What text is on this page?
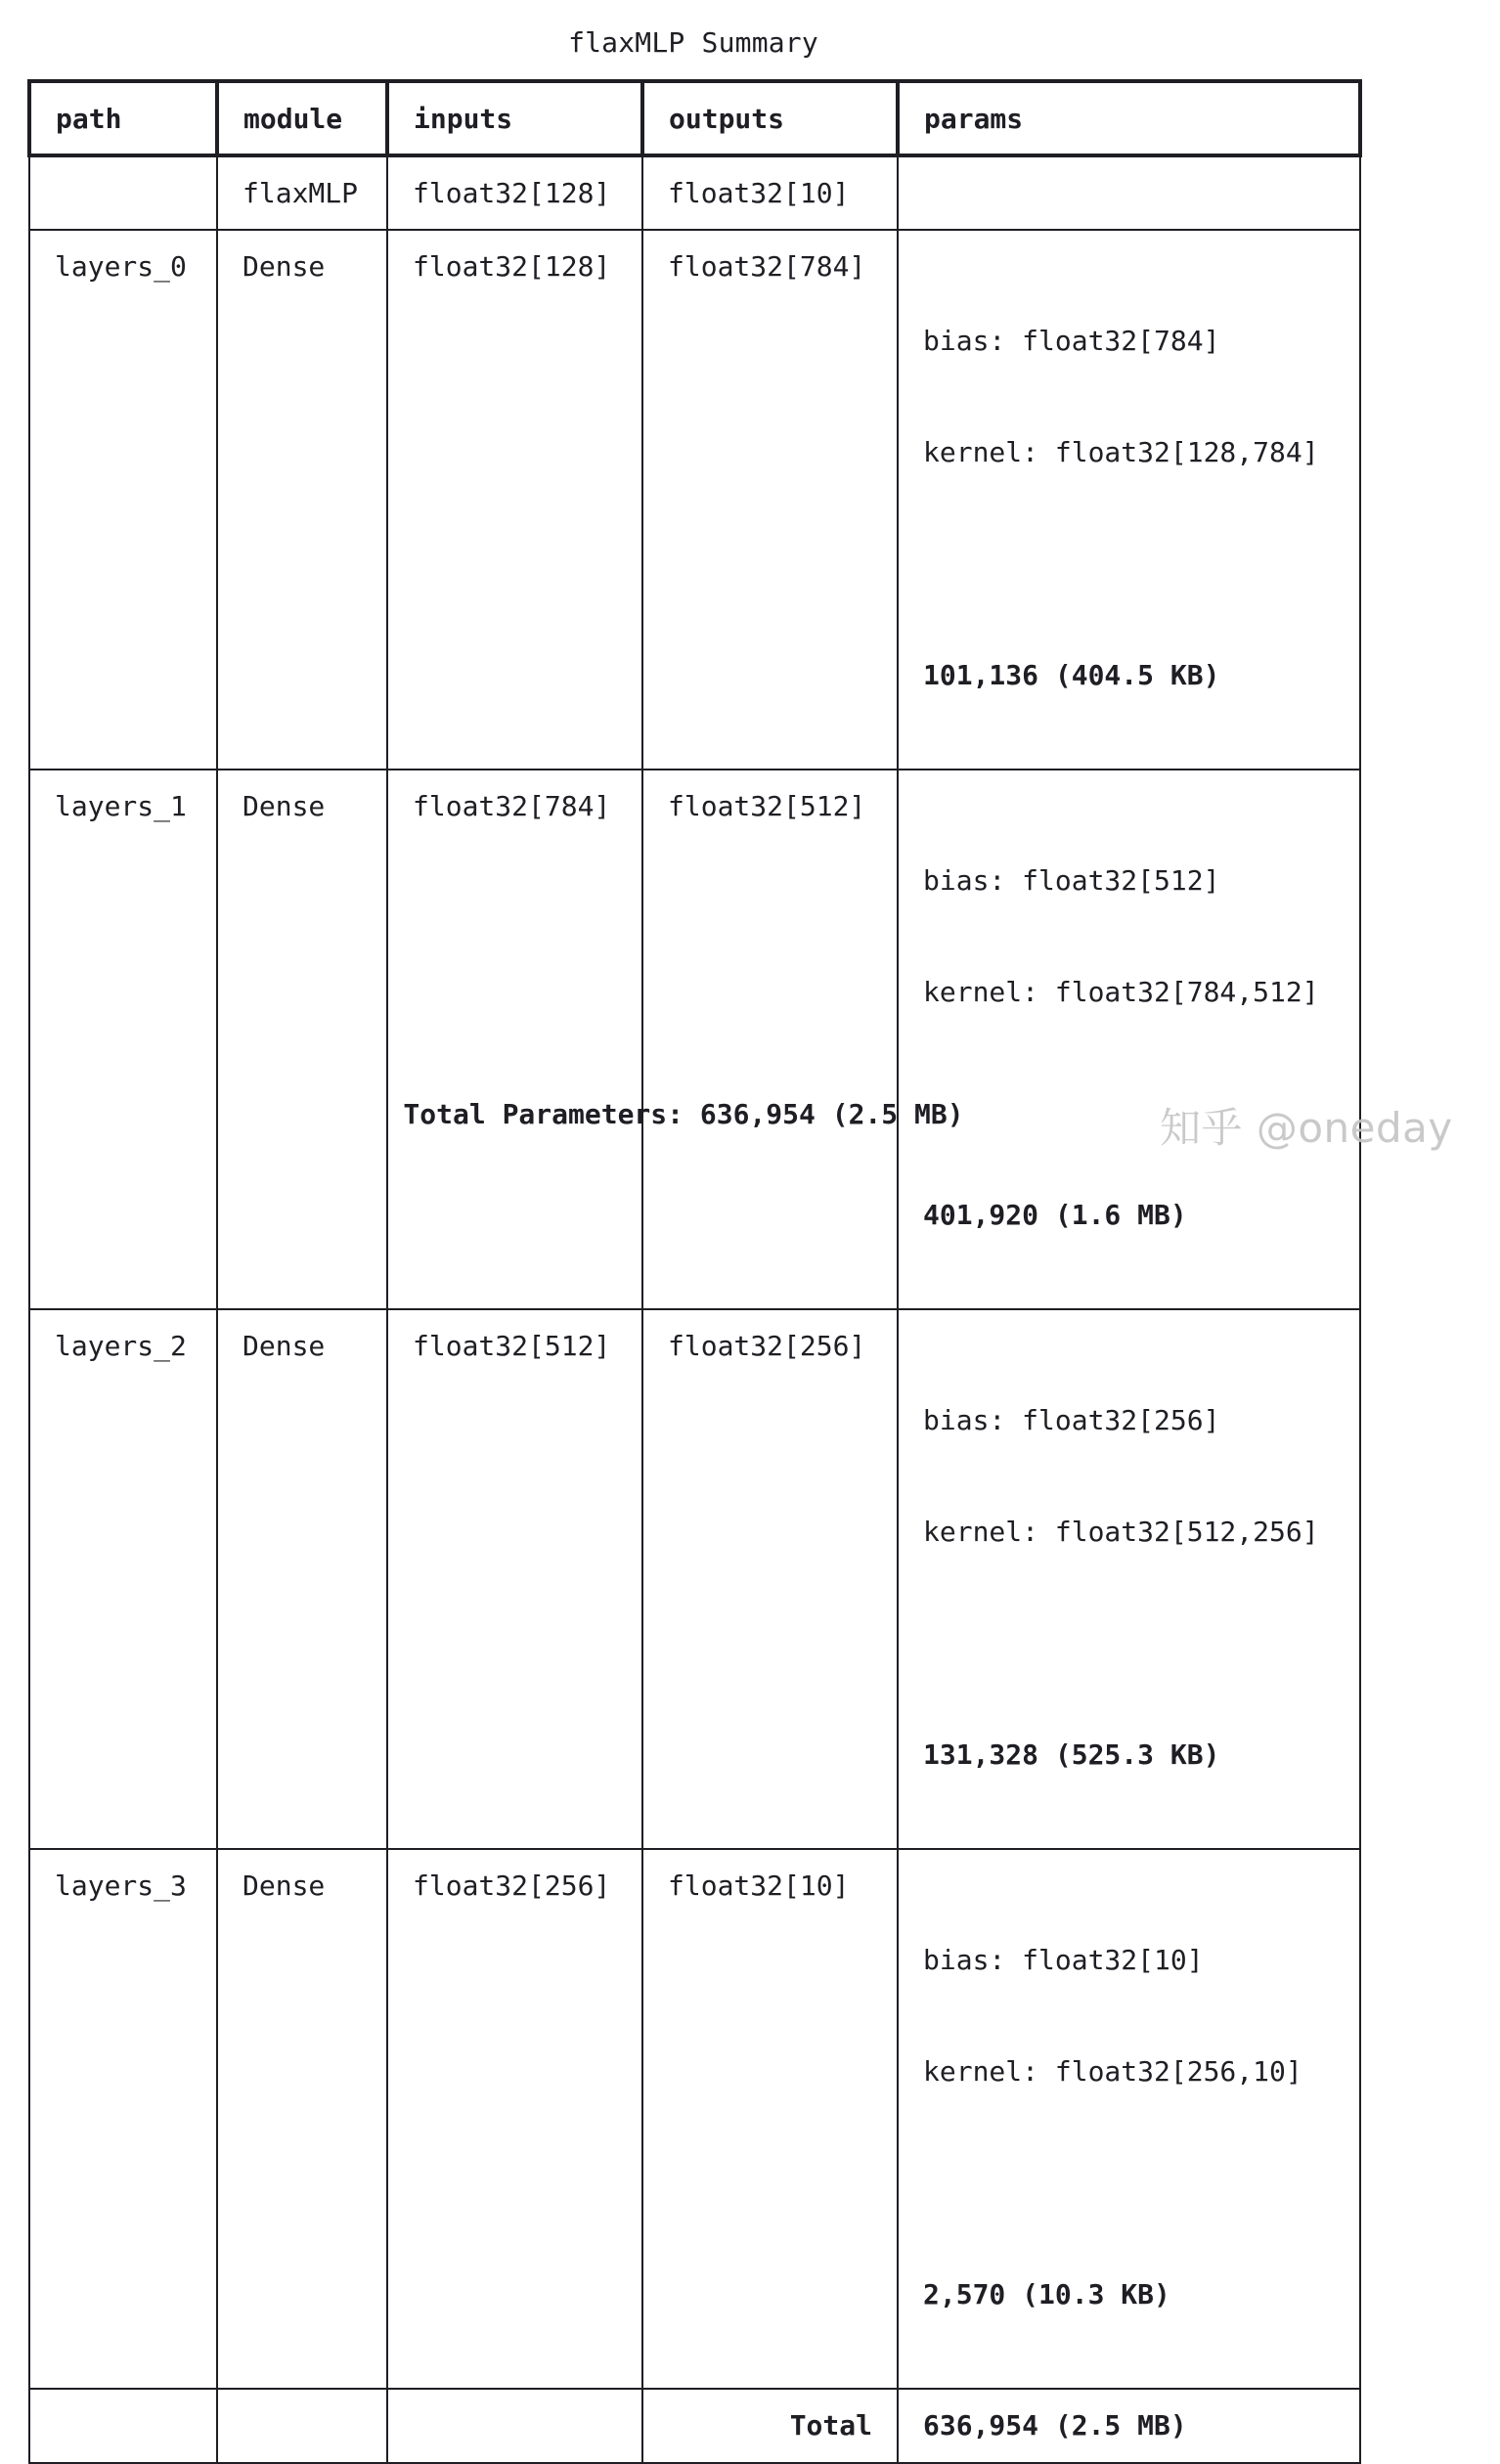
flaxMLP Summary
path	module	inputs	outputs	params
	flaxMLP	float32[128]	float32[10]	
layers_0	Dense	float32[128]	float32[784]	bias: float32[784]

kernel: float32[128,784]

101,136 (404.5 KB)

layers_1	Dense	float32[784]	float32[512]	bias: float32[512]

kernel: float32[784,512]

401,920 (1.6 MB)

layers_2	Dense	float32[512]	float32[256]	bias: float32[256]

kernel: float32[512,256]

131,328 (525.3 KB)

layers_3	Dense	float32[256]	float32[10]	bias: float32[10]

kernel: float32[256,10]

2,570 (10.3 KB)

			Total	636,954 (2.5 MB)
Total Parameters: 636,954 (2.5 MB)	知乎 @oneday
